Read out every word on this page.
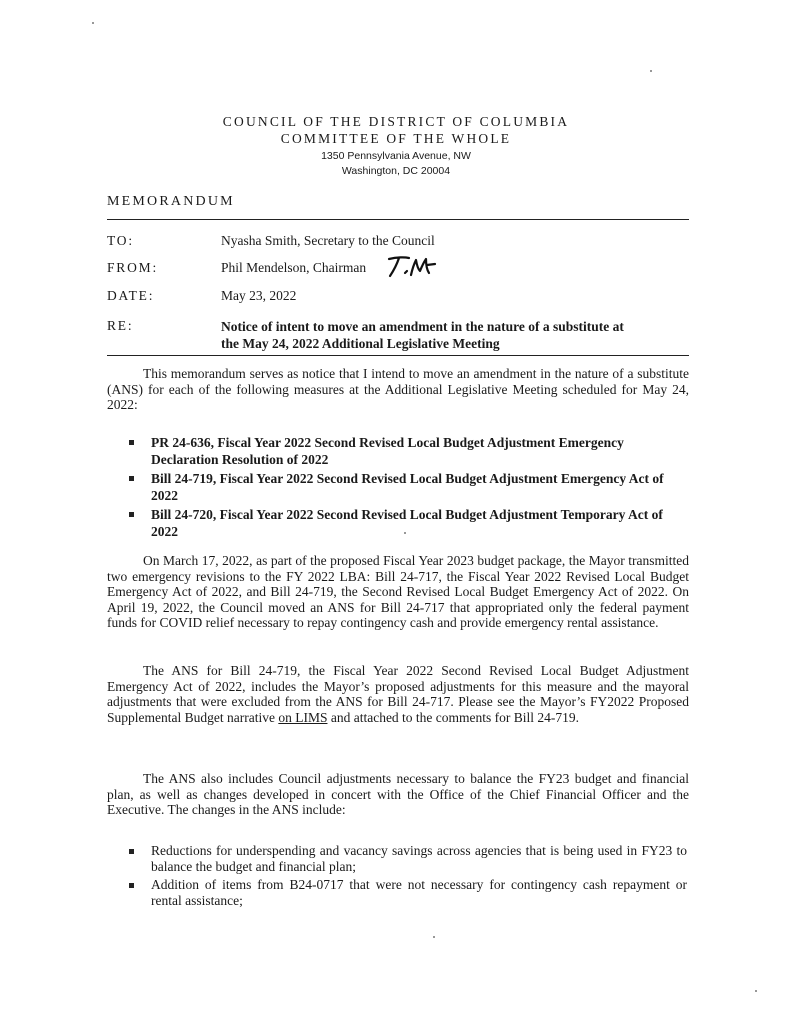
COUNCIL OF THE DISTRICT OF COLUMBIA
COMMITTEE OF THE WHOLE
1350 Pennsylvania Avenue, NW
Washington, DC 20004
MEMORANDUM
TO:	Nyasha Smith, Secretary to the Council
FROM:	Phil Mendelson, Chairman
DATE:	May 23, 2022
RE:	Notice of intent to move an amendment in the nature of a substitute at
the May 24, 2022 Additional Legislative Meeting

This memorandum serves as notice that I intend to move an amendment in the nature of a substitute (ANS) for each of the following measures at the Additional Legislative Meeting scheduled for May 24, 2022:

PR 24-636, Fiscal Year 2022 Second Revised Local Budget Adjustment Emergency Declaration Resolution of 2022
Bill 24-719, Fiscal Year 2022 Second Revised Local Budget Adjustment Emergency Act of 2022
Bill 24-720, Fiscal Year 2022 Second Revised Local Budget Adjustment Temporary Act of 2022

On March 17, 2022, as part of the proposed Fiscal Year 2023 budget package, the Mayor transmitted two emergency revisions to the FY 2022 LBA: Bill 24-717, the Fiscal Year 2022 Revised Local Budget Emergency Act of 2022, and Bill 24-719, the Second Revised Local Budget Emergency Act of 2022. On April 19, 2022, the Council moved an ANS for Bill 24-717 that appropriated only the federal payment funds for COVID relief necessary to repay contingency cash and provide emergency rental assistance.

The ANS for Bill 24-719, the Fiscal Year 2022 Second Revised Local Budget Adjustment Emergency Act of 2022, includes the Mayor’s proposed adjustments for this measure and the mayoral adjustments that were excluded from the ANS for Bill 24-717. Please see the Mayor’s FY2022 Proposed Supplemental Budget narrative on LIMS and attached to the comments for Bill 24-719.

The ANS also includes Council adjustments necessary to balance the FY23 budget and financial plan, as well as changes developed in concert with the Office of the Chief Financial Officer and the Executive. The changes in the ANS include:

Reductions for underspending and vacancy savings across agencies that is being used in FY23 to balance the budget and financial plan;
Addition of items from B24-0717 that were not necessary for contingency cash repayment or rental assistance;
